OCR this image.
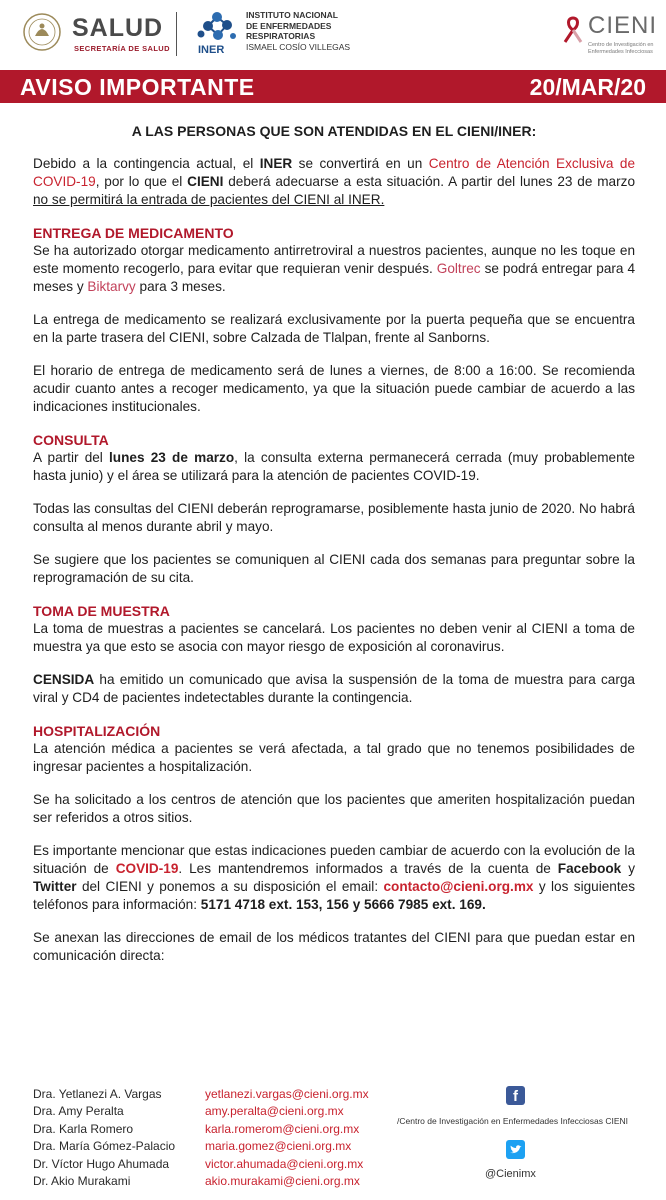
SALUD
SECRETARÍA DE SALUD	INER
INSTITUTO NACIONAL
DE ENFERMEDADES
RESPIRATORIAS
ISMAEL COSÍO VILLEGAS
CIENI
Centro de Investigación en Enfermedades Infecciosas
AVISO IMPORTANTE	20/MAR/20

A LAS PERSONAS QUE SON ATENDIDAS EN EL CIENI/INER:

Debido a la contingencia actual, el INER se convertirá en un Centro de Atención Exclusiva de COVID-19, por lo que el CIENI deberá adecuarse a esta situación. A partir del lunes 23 de marzo no se permitirá la entrada de pacientes del CIENI al INER.

ENTREGA DE MEDICAMENTO

Se ha autorizado otorgar medicamento antirretroviral a nuestros pacientes, aunque no les toque en este momento recogerlo, para evitar que requieran venir después. Goltrec se podrá entregar para 4 meses y Biktarvy para 3 meses.

La entrega de medicamento se realizará exclusivamente por la puerta pequeña que se encuentra en la parte trasera del CIENI, sobre Calzada de Tlalpan, frente al Sanborns.

El horario de entrega de medicamento será de lunes a viernes, de 8:00 a 16:00. Se recomienda acudir cuanto antes a recoger medicamento, ya que la situación puede cambiar de acuerdo a las indicaciones institucionales.

CONSULTA

A partir del lunes 23 de marzo, la consulta externa permanecerá cerrada (muy probablemente hasta junio) y el área se utilizará para la atención de pacientes COVID-19.

Todas las consultas del CIENI deberán reprogramarse, posiblemente hasta junio de 2020. No habrá consulta al menos durante abril y mayo.

Se sugiere que los pacientes se comuniquen al CIENI cada dos semanas para preguntar sobre la reprogramación de su cita.

TOMA DE MUESTRA

La toma de muestras a pacientes se cancelará. Los pacientes no deben venir al CIENI a toma de muestra ya que esto se asocia con mayor riesgo de exposición al coronavirus.

CENSIDA ha emitido un comunicado que avisa la suspensión de la toma de muestra para carga viral y CD4 de pacientes indetectables durante la contingencia.

HOSPITALIZACIÓN

La atención médica a pacientes se verá afectada, a tal grado que no tenemos posibilidades de ingresar pacientes a hospitalización.

Se ha solicitado a los centros de atención que los pacientes que ameriten hospitalización puedan ser referidos a otros sitios.

Es importante mencionar que estas indicaciones pueden cambiar de acuerdo con la evolución de la situación de COVID-19. Les mantendremos informados a través de la cuenta de Facebook y Twitter del CIENI y ponemos a su disposición el email: contacto@cieni.org.mx y los siguientes teléfonos para información: 5171 4718 ext. 153, 156 y 5666 7985 ext. 169.

Se anexan las direcciones de email de los médicos tratantes del CIENI para que puedan estar en comunicación directa:

Dra. Yetlanezi A. Vargas
Dra. Amy Peralta
Dra. Karla Romero
Dra. María Gómez-Palacio
Dr. Víctor Hugo Ahumada
Dr. Akio Murakami
yetlanezi.vargas@cieni.org.mx
amy.peralta@cieni.org.mx
karla.romerom@cieni.org.mx
maria.gomez@cieni.org.mx
victor.ahumada@cieni.org.mx
akio.murakami@cieni.org.mx
f
/Centro de Investigación en Enfermedades Infecciosas CIENI
@Cienimx
